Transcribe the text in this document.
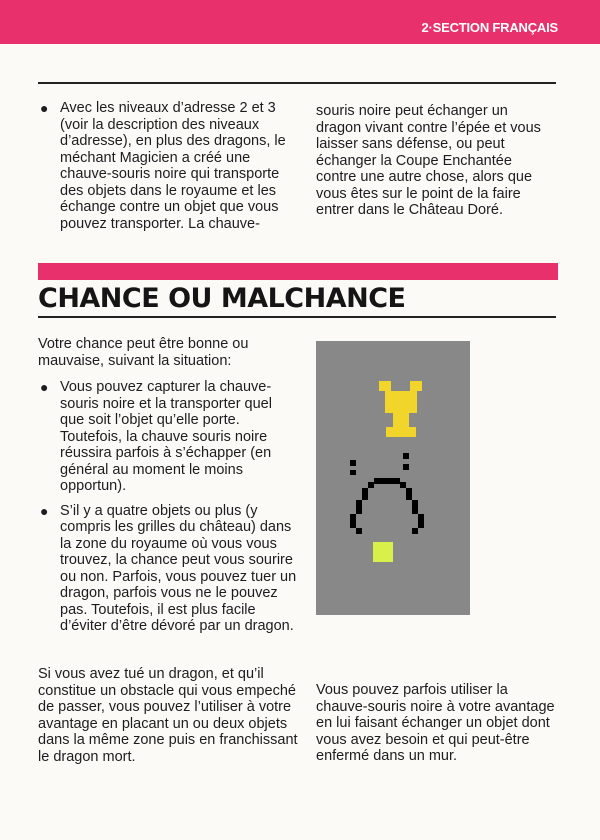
2·SECTION FRANÇAIS
● Avec les niveaux d’adresse 2 et 3 (voir la description des niveaux d’adresse), en plus des dragons, le méchant Magicien a créé une chauve-souris noire qui transporte des objets dans le royaume et les échange contre un objet que vous pouvez transporter. La chauve-
souris noire peut échanger un dragon vivant contre l’épée et vous laisser sans défense, ou peut échanger la Coupe Enchantée contre une autre chose, alors que vous êtes sur le point de la faire entrer dans le Château Doré.
CHANCE OU MALCHANCE
Votre chance peut être bonne ou mauvaise, suivant la situation:
● Vous pouvez capturer la chauve-souris noire et la transporter quel que soit l’objet qu’elle porte. Toutefois, la chauve souris noire réussira parfois à s’échapper (en général au moment le moins opportun).
● S’il y a quatre objets ou plus (y compris les grilles du château) dans la zone du royaume où vous vous trouvez, la chance peut vous sourire ou non. Parfois, vous pouvez tuer un dragon, parfois vous ne le pouvez pas. Toutefois, il est plus facile d’éviter d’être dévoré par un dragon.
Si vous avez tué un dragon, et qu’il constitue un obstacle qui vous empeché de passer, vous pouvez l’utiliser à votre avantage en placant un ou deux objets dans la même zone puis en franchissant le dragon mort.
Vous pouvez parfois utiliser la chauve-souris noire à votre avantage en lui faisant échanger un objet dont vous avez besoin et qui peut-être enfermé dans un mur.
